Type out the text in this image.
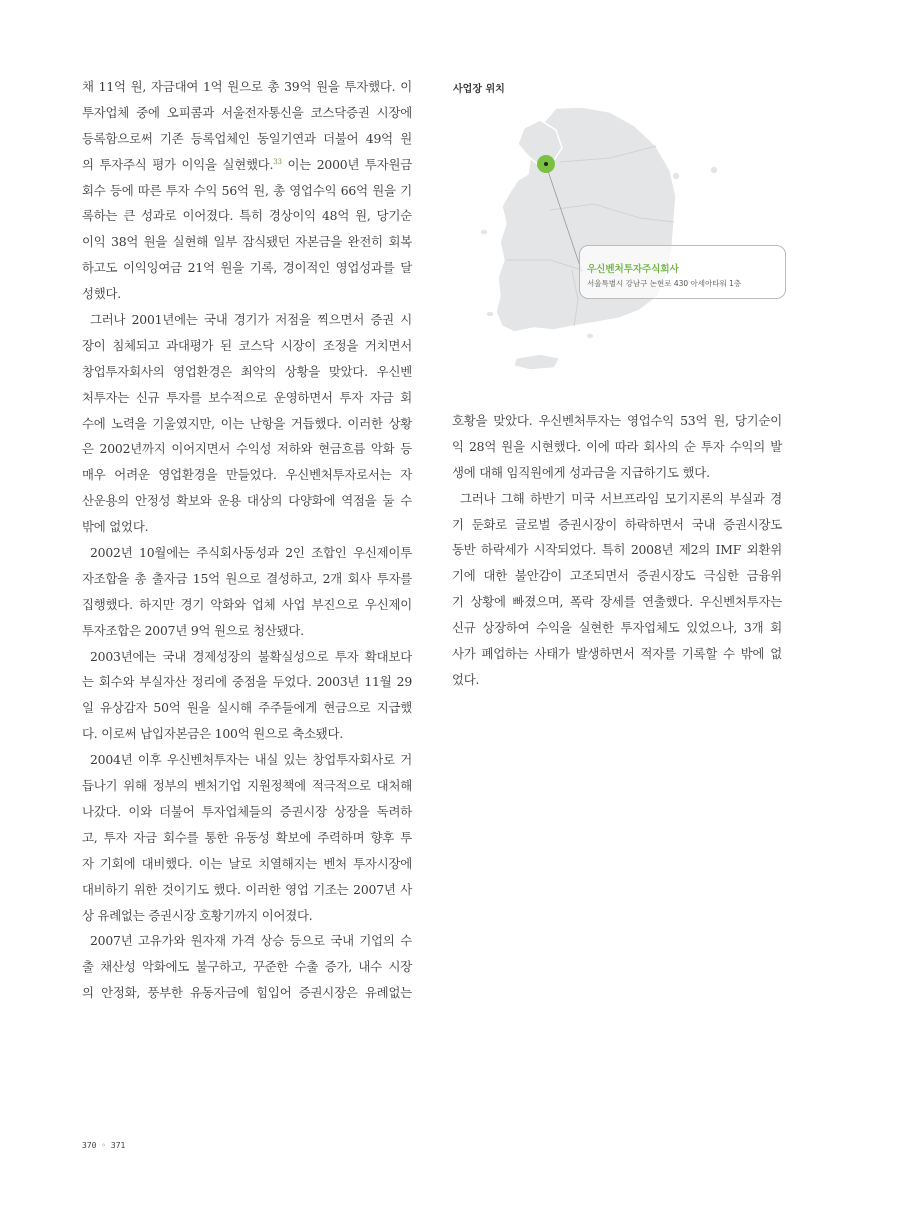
채 11억 원, 자금대여 1억 원으로 총 39억 원을 투자했다. 이
투자업체 중에 오피콤과 서울전자통신을 코스닥증권 시장에
등록함으로써 기존 등록업체인 동일기연과 더불어 49억 원
의 투자주식 평가 이익을 실현했다.$^{33}$ 이는 2000년 투자원금
회수 등에 따른 투자 수익 56억 원, 총 영업수익 66억 원을 기
록하는 큰 성과로 이어졌다. 특히 경상이익 48억 원, 당기순
이익 38억 원을 실현해 일부 잠식됐던 자본금을 완전히 회복
하고도 이익잉여금 21억 원을 기록, 경이적인 영업성과를 달
성했다.
그러나 2001년에는 국내 경기가 저점을 찍으면서 증권 시
장이 침체되고 과대평가 된 코스닥 시장이 조정을 거치면서
창업투자회사의 영업환경은 최악의 상황을 맞았다. 우신벤
처투자는 신규 투자를 보수적으로 운영하면서 투자 자금 회
수에 노력을 기울였지만, 이는 난항을 거듭했다. 이러한 상황
은 2002년까지 이어지면서 수익성 저하와 현금흐름 악화 등
매우 어려운 영업환경을 만들었다. 우신벤처투자로서는 자
산운용의 안정성 확보와 운용 대상의 다양화에 역점을 둘 수
밖에 없었다.
2002년 10월에는 주식회사동성과 2인 조합인 우신제이투
자조합을 총 출자금 15억 원으로 결성하고, 2개 회사 투자를
집행했다. 하지만 경기 악화와 업체 사업 부진으로 우신제이
투자조합은 2007년 9억 원으로 청산됐다.
2003년에는 국내 경제성장의 불확실성으로 투자 확대보다
는 회수와 부실자산 정리에 중점을 두었다. 2003년 11월 29
일 유상감자 50억 원을 실시해 주주들에게 현금으로 지급했
다. 이로써 납입자본금은 100억 원으로 축소됐다.
2004년 이후 우신벤처투자는 내실 있는 창업투자회사로 거
듭나기 위해 정부의 벤처기업 지원정책에 적극적으로 대처해
나갔다. 이와 더불어 투자업체들의 증권시장 상장을 독려하
고, 투자 자금 회수를 통한 유동성 확보에 주력하며 향후 투
자 기회에 대비했다. 이는 날로 치열해지는 벤처 투자시장에
대비하기 위한 것이기도 했다. 이러한 영업 기조는 2007년 사
상 유례없는 증권시장 호황기까지 이어졌다.
2007년 고유가와 원자재 가격 상승 등으로 국내 기업의 수
출 채산성 악화에도 불구하고, 꾸준한 수출 증가, 내수 시장
의 안정화, 풍부한 유동자금에 힘입어 증권시장은 유례없는
호황을 맞았다. 우신벤처투자는 영업수익 53억 원, 당기순이
익 28억 원을 시현했다. 이에 따라 회사의 순 투자 수익의 발
생에 대해 임직원에게 성과금을 지급하기도 했다.
그러나 그해 하반기 미국 서브프라임 모기지론의 부실과 경
기 둔화로 글로벌 증권시장이 하락하면서 국내 증권시장도
동반 하락세가 시작되었다. 특히 2008년 제2의 IMF 외환위
기에 대한 불안감이 고조되면서 증권시장도 극심한 금융위
기 상황에 빠졌으며, 폭락 장세를 연출했다. 우신벤처투자는
신규 상장하여 수익을 실현한 투자업체도 있었으나, 3개 회
사가 폐업하는 사태가 발생하면서 적자를 기록할 수 밖에 없
었다.
사업장 위치
우신벤처투자주식회사
서울특별시 강남구 논현로 430 아세아타워 1층
370 ◦ 371
